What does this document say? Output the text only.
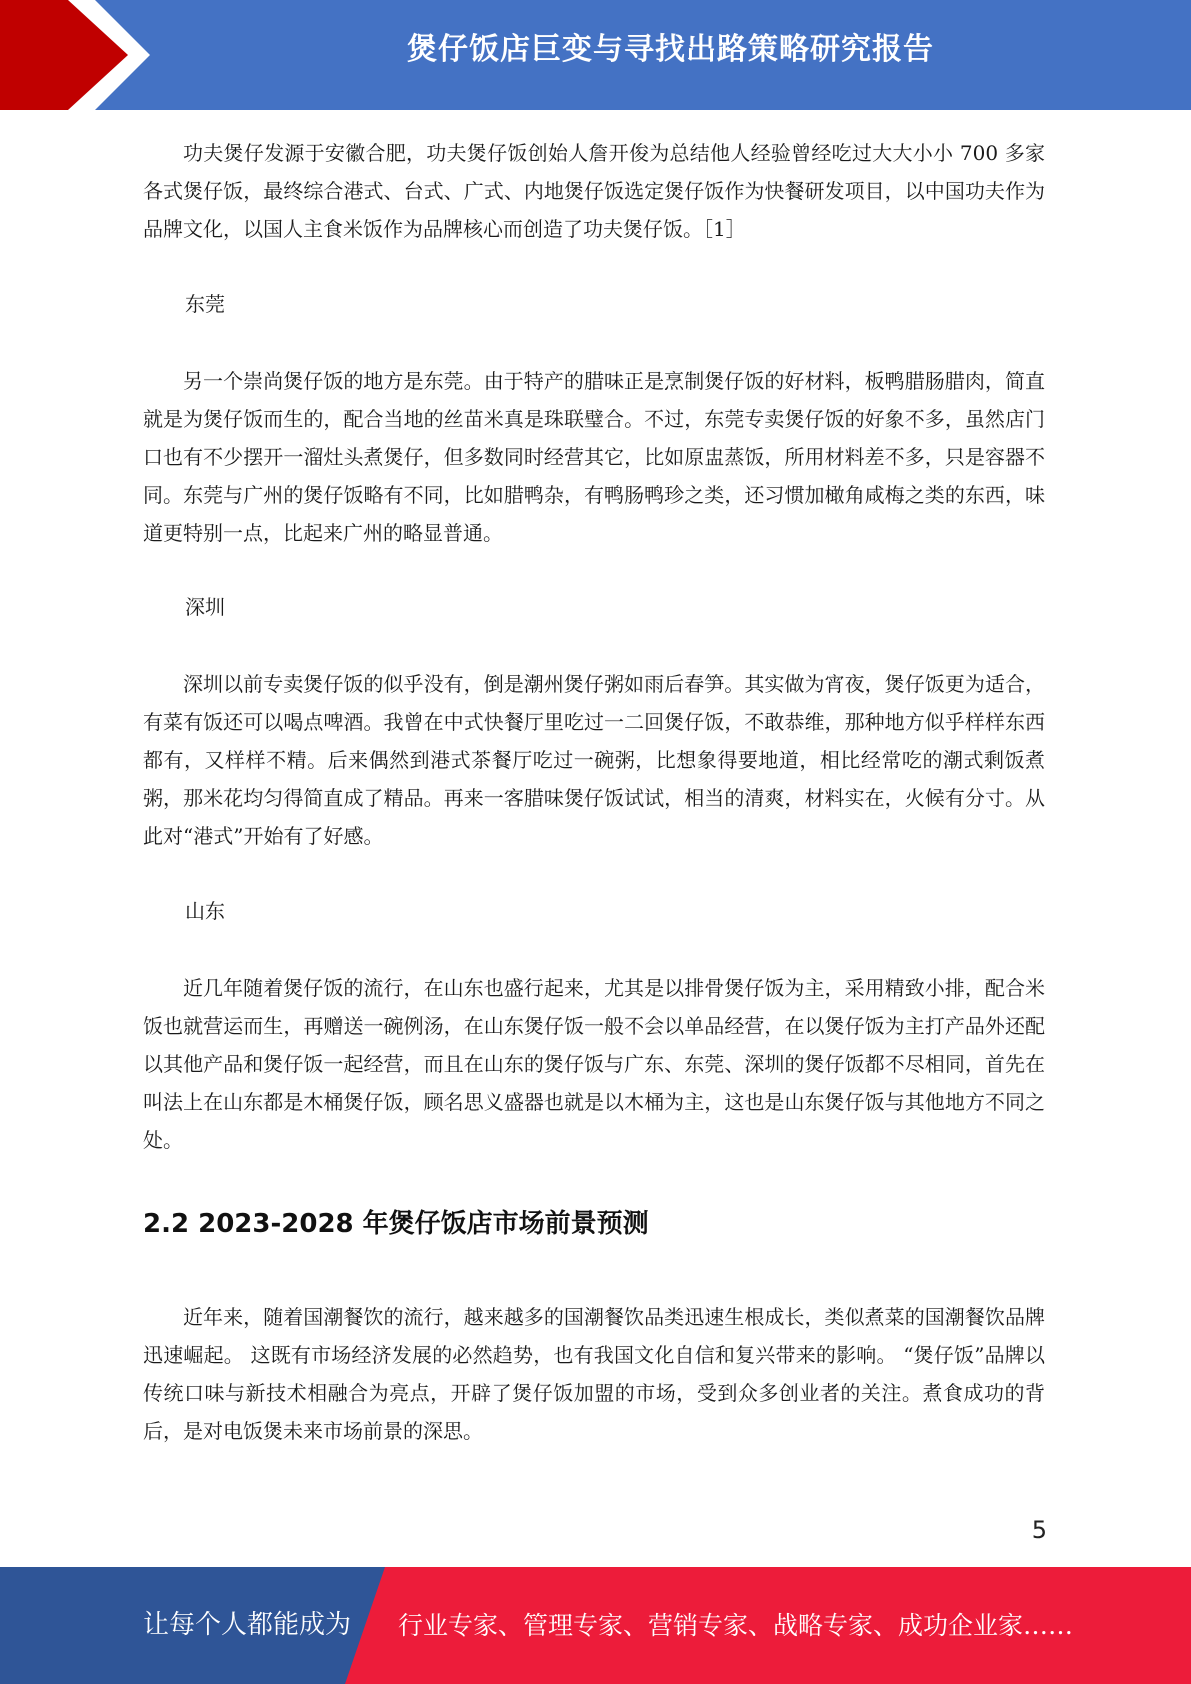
煲仔饭店巨变与寻找出路策略研究报告

功夫煲仔发源于安徽合肥，功夫煲仔饭创始人詹开俊为总结他人经验曾经吃过大大小小 700 多家各式煲仔饭，最终综合港式、台式、广式、内地煲仔饭选定煲仔饭作为快餐研发项目，以中国功夫作为品牌文化，以国人主食米饭作为品牌核心而创造了功夫煲仔饭。［1］

东莞

另一个崇尚煲仔饭的地方是东莞。由于特产的腊味正是烹制煲仔饭的好材料，板鸭腊肠腊肉，简直就是为煲仔饭而生的，配合当地的丝苗米真是珠联璧合。不过，东莞专卖煲仔饭的好象不多，虽然店门口也有不少摆开一溜灶头煮煲仔，但多数同时经营其它，比如原盅蒸饭，所用材料差不多，只是容器不同。东莞与广州的煲仔饭略有不同，比如腊鸭杂，有鸭肠鸭珍之类，还习惯加橄角咸梅之类的东西，味道更特别一点，比起来广州的略显普通。

深圳

深圳以前专卖煲仔饭的似乎没有，倒是潮州煲仔粥如雨后春笋。其实做为宵夜，煲仔饭更为适合，有菜有饭还可以喝点啤酒。我曾在中式快餐厅里吃过一二回煲仔饭，不敢恭维，那种地方似乎样样东西都有，又样样不精。后来偶然到港式茶餐厅吃过一碗粥，比想象得要地道，相比经常吃的潮式剩饭煮粥，那米花均匀得简直成了精品。再来一客腊味煲仔饭试试，相当的清爽，材料实在，火候有分寸。从此对“港式”开始有了好感。

山东

近几年随着煲仔饭的流行，在山东也盛行起来，尤其是以排骨煲仔饭为主，采用精致小排，配合米饭也就营运而生，再赠送一碗例汤，在山东煲仔饭一般不会以单品经营，在以煲仔饭为主打产品外还配以其他产品和煲仔饭一起经营，而且在山东的煲仔饭与广东、东莞、深圳的煲仔饭都不尽相同，首先在叫法上在山东都是木桶煲仔饭，顾名思义盛器也就是以木桶为主，这也是山东煲仔饭与其他地方不同之处。

2.2 2023-2028 年煲仔饭店市场前景预测

近年来，随着国潮餐饮的流行，越来越多的国潮餐饮品类迅速生根成长，类似煮菜的国潮餐饮品牌迅速崛起。 这既有市场经济发展的必然趋势，也有我国文化自信和复兴带来的影响。 “煲仔饭”品牌以传统口味与新技术相融合为亮点，开辟了煲仔饭加盟的市场，受到众多创业者的关注。煮食成功的背后，是对电饭煲未来市场前景的深思。

5
让每个人都能成为 行业专家、管理专家、营销专家、战略专家、成功企业家……
